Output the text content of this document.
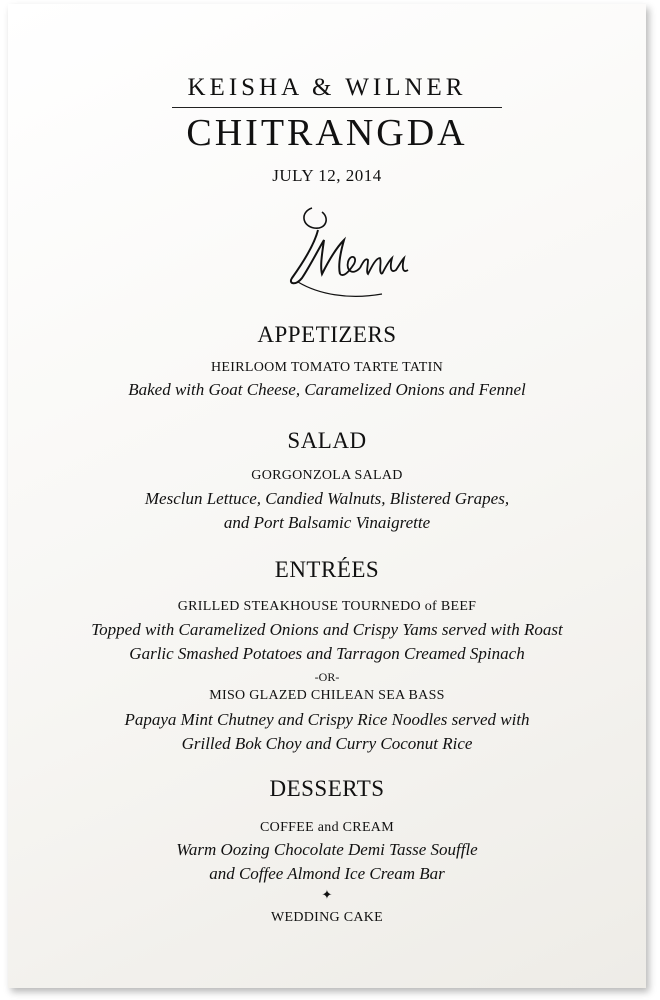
KEISHA & WILNER
CHITRANGDA
JULY 12, 2014
Menu
APPETIZERS
HEIRLOOM TOMATO TARTE TATIN
Baked with Goat Cheese, Caramelized Onions and Fennel
SALAD
GORGONZOLA SALAD
Mesclun Lettuce, Candied Walnuts, Blistered Grapes,
and Port Balsamic Vinaigrette
ENTRÉES
GRILLED STEAKHOUSE TOURNEDO of BEEF
Topped with Caramelized Onions and Crispy Yams served with Roast
Garlic Smashed Potatoes and Tarragon Creamed Spinach
-OR-
MISO GLAZED CHILEAN SEA BASS
Papaya Mint Chutney and Crispy Rice Noodles served with
Grilled Bok Choy and Curry Coconut Rice
DESSERTS
COFFEE and CREAM
Warm Oozing Chocolate Demi Tasse Souffle
and Coffee Almond Ice Cream Bar
✦
WEDDING CAKE
